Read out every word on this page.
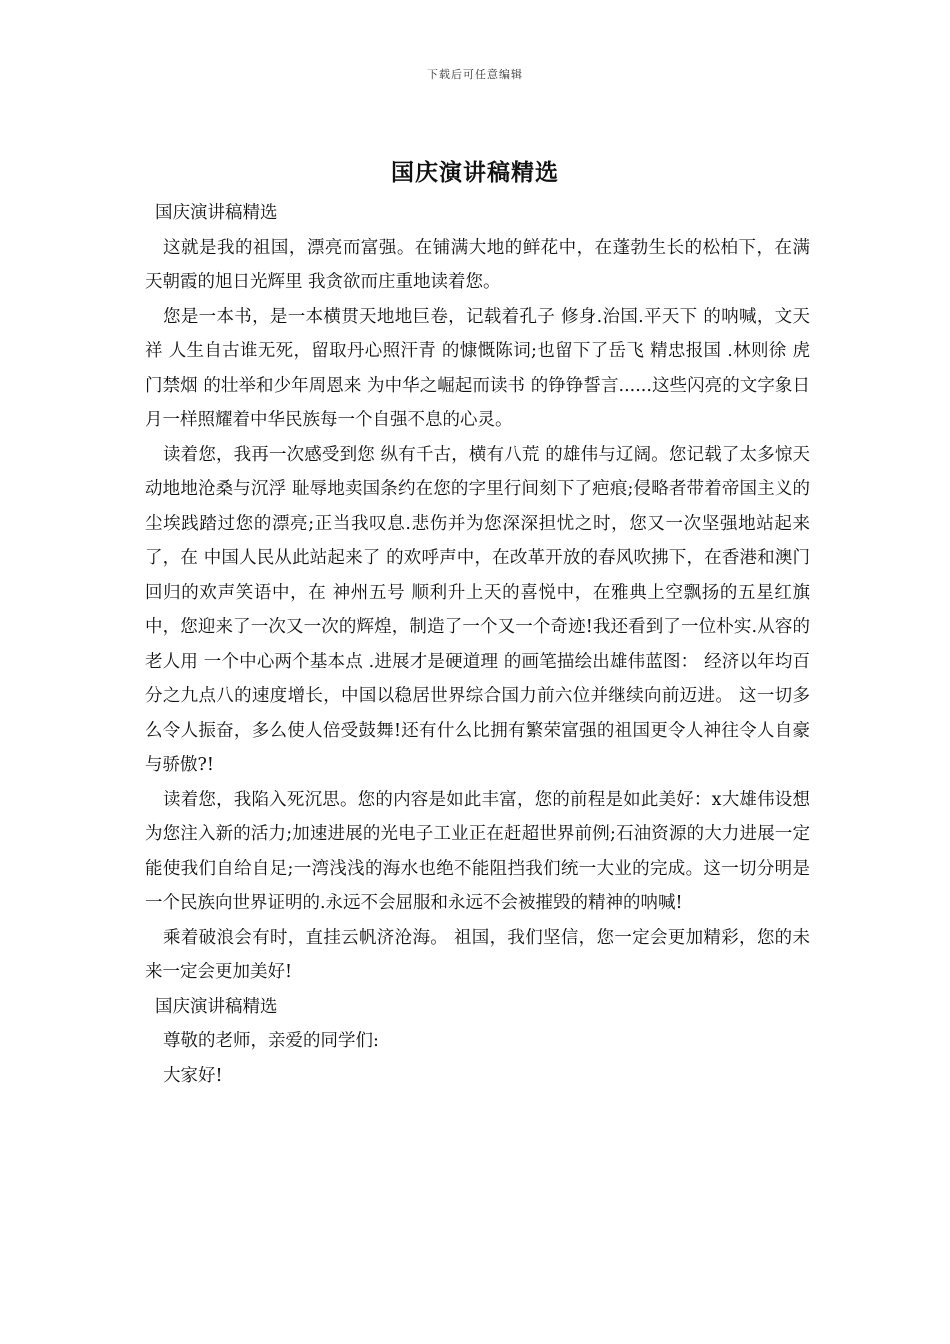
下载后可任意编辑
国庆演讲稿精选

国庆演讲稿精选

这就是我的祖国，漂亮而富强。在铺满大地的鲜花中，在蓬勃生长的松柏下，在满天朝霞的旭日光辉里 我贪欲而庄重地读着您。

您是一本书，是一本横贯天地地巨卷，记载着孔子 修身.治国.平天下 的呐喊，文天祥 人生自古谁无死，留取丹心照汗青 的慷慨陈词;也留下了岳飞 精忠报国 .林则徐 虎门禁烟 的壮举和少年周恩来 为中华之崛起而读书 的铮铮誓言......这些闪亮的文字象日月一样照耀着中华民族每一个自强不息的心灵。

读着您，我再一次感受到您 纵有千古，横有八荒 的雄伟与辽阔。您记载了太多惊天动地地沧桑与沉浮 耻辱地卖国条约在您的字里行间刻下了疤痕;侵略者带着帝国主义的尘埃践踏过您的漂亮;正当我叹息.悲伤并为您深深担忧之时，您又一次坚强地站起来了，在 中国人民从此站起来了 的欢呼声中，在改革开放的春风吹拂下，在香港和澳门回归的欢声笑语中，在 神州五号 顺利升上天的喜悦中，在雅典上空飘扬的五星红旗中，您迎来了一次又一次的辉煌，制造了一个又一个奇迹!我还看到了一位朴实.从容的老人用 一个中心两个基本点 .进展才是硬道理 的画笔描绘出雄伟蓝图： 经济以年均百分之九点八的速度增长，中国以稳居世界综合国力前六位并继续向前迈进。 这一切多么令人振奋，多么使人倍受鼓舞!还有什么比拥有繁荣富强的祖国更令人神往令人自豪与骄傲?!

读着您，我陷入死沉思。您的内容是如此丰富，您的前程是如此美好：x大雄伟设想为您注入新的活力;加速进展的光电子工业正在赶超世界前例;石油资源的大力进展一定能使我们自给自足;一湾浅浅的海水也绝不能阻挡我们统一大业的完成。这一切分明是一个民族向世界证明的.永远不会屈服和永远不会被摧毁的精神的呐喊!

乘着破浪会有时，直挂云帆济沧海。 祖国，我们坚信，您一定会更加精彩，您的未来一定会更加美好!

国庆演讲稿精选

尊敬的老师，亲爱的同学们:

大家好!
